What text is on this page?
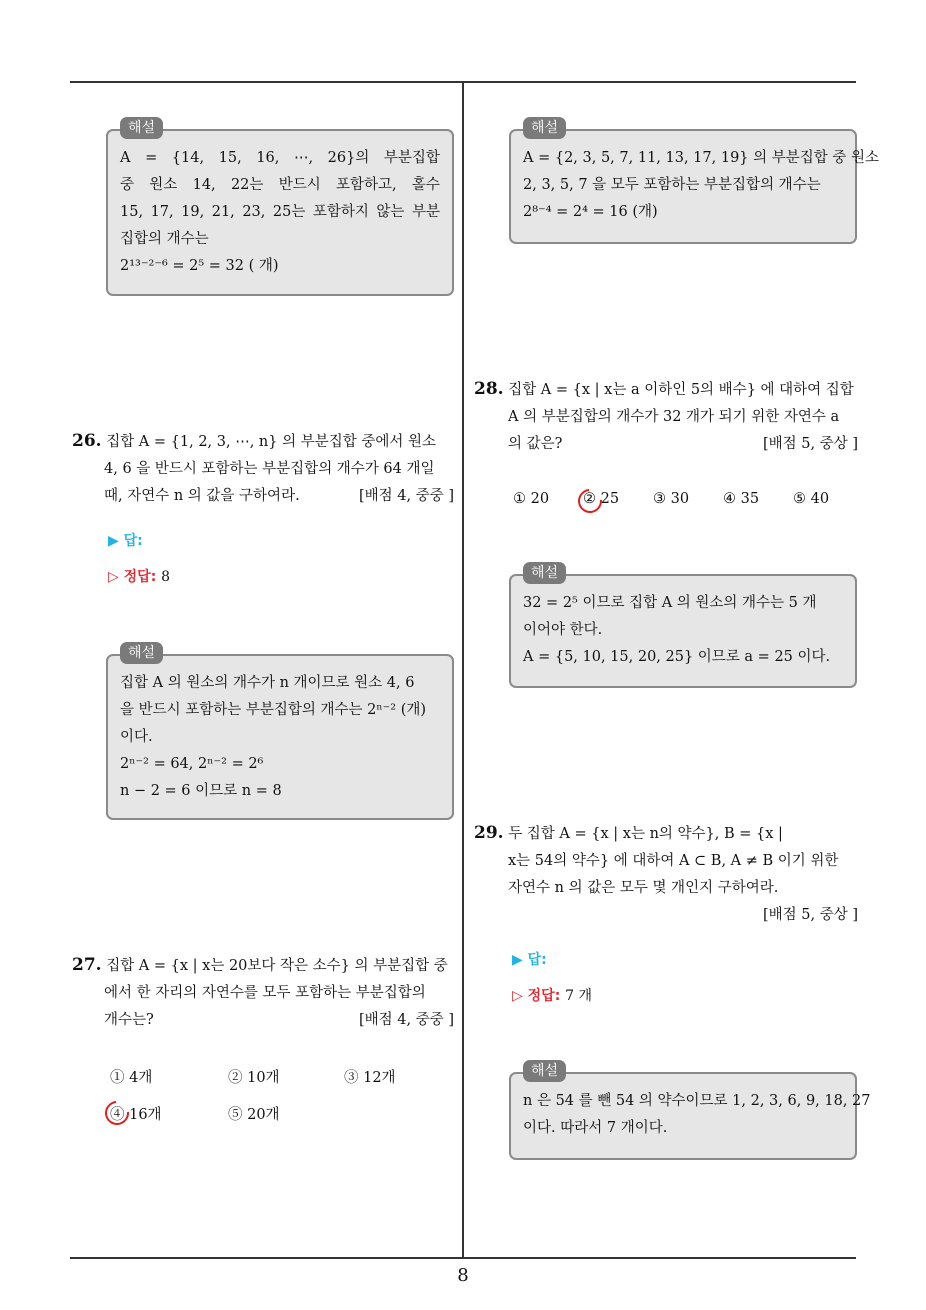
A = {14, 15, 16, ⋯, 26}의 부분집합
중 원소 14, 22는 반드시 포함하고, 홀수
15, 17, 19, 21, 23, 25는 포함하지 않는 부분
집합의 개수는
2¹³⁻²⁻⁶ = 2⁵ = 32 ( 개)
해설
26. 집합 A = {1, 2, 3, ⋯, n} 의 부분집합 중에서 원소
4, 6 을 반드시 포함하는 부분집합의 개수가 64 개일
때, 자연수 n 의 값을 구하여라.	[배점 4, 중중 ]
▶ 답:
▷ 정답: 8
집합 A 의 원소의 개수가 n 개이므로 원소 4, 6
을 반드시 포함하는 부분집합의 개수는 2ⁿ⁻² (개)
이다.
2ⁿ⁻² = 64, 2ⁿ⁻² = 2⁶
n − 2 = 6 이므로 n = 8
해설
27. 집합 A = {x | x는 20보다 작은 소수} 의 부분집합 중
에서 한 자리의 자연수를 모두 포함하는 부분집합의
개수는?	[배점 4, 중중 ]
① 4개	② 10개	③ 12개
④ 16개	⑤ 20개
A = {2, 3, 5, 7, 11, 13, 17, 19} 의 부분집합 중 원소
2, 3, 5, 7 을 모두 포함하는 부분집합의 개수는
2⁸⁻⁴ = 2⁴ = 16 (개)
해설
28. 집합 A = {x | x는 a 이하인 5의 배수} 에 대하여 집합
A 의 부분집합의 개수가 32 개가 되기 위한 자연수 a
의 값은?	[배점 5, 중상 ]
① 20 ② 25 ③ 30 ④ 35 ⑤ 40
32 = 2⁵ 이므로 집합 A 의 원소의 개수는 5 개
이어야 한다.
A = {5, 10, 15, 20, 25} 이므로 a = 25 이다.
해설
29. 두 집합 A = {x | x는 n의 약수}, B = {x |
x는 54의 약수} 에 대하여 A ⊂ B, A ≠ B 이기 위한
자연수 n 의 값은 모두 몇 개인지 구하여라.
[배점 5, 중상 ]
▶ 답:
▷ 정답: 7 개
n 은 54 를 뺀 54 의 약수이므로 1, 2, 3, 6, 9, 18, 27
이다. 따라서 7 개이다.
해설
8
